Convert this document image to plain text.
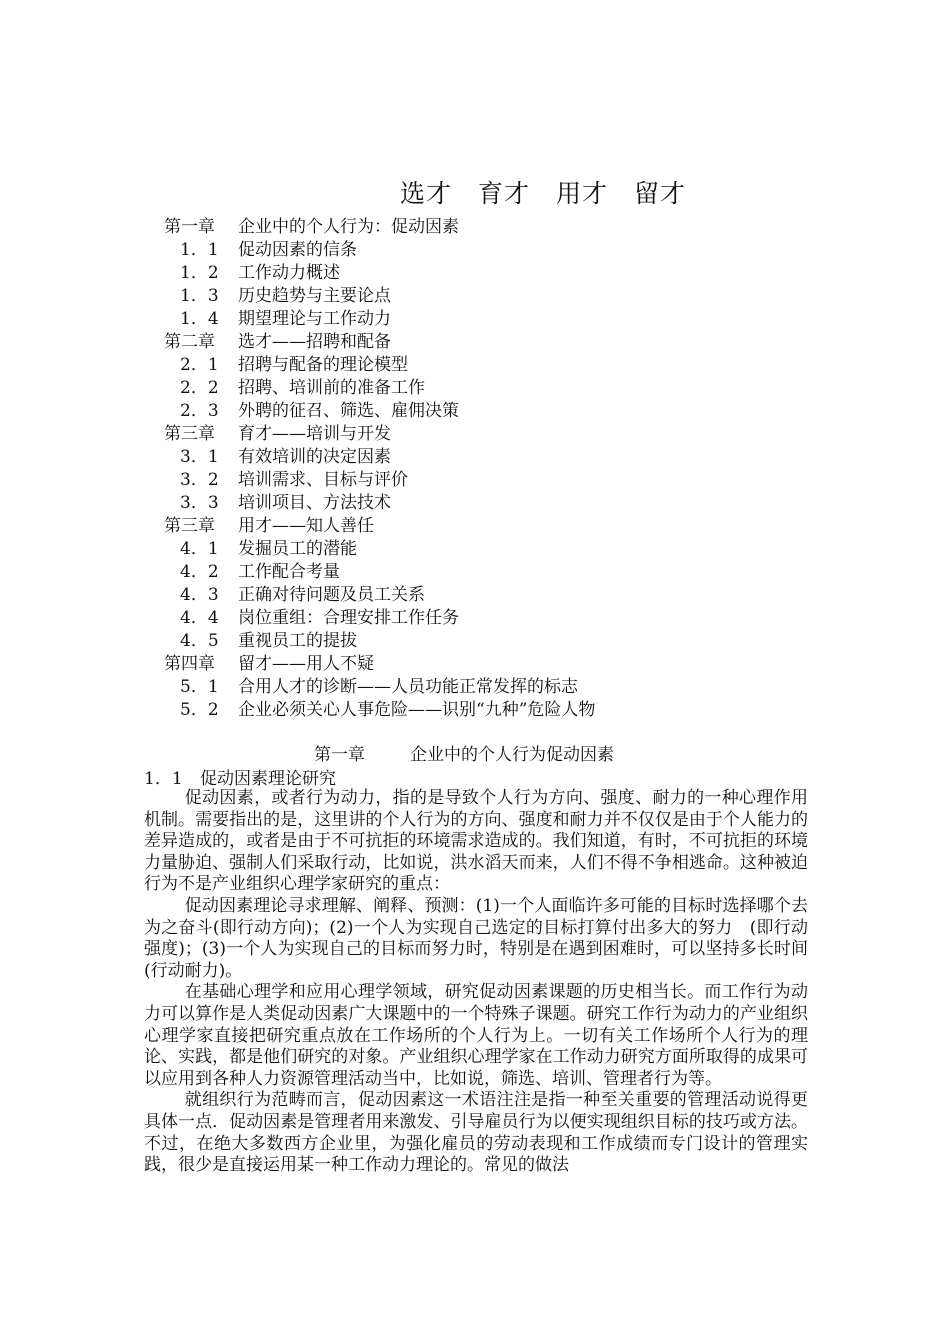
选才　育才　用才　留才
第一章 企业中的个人行为：促动因素
1．1 促动因素的信条
1．2 工作动力概述
1．3 历史趋势与主要论点
1．4 期望理论与工作动力
第二章 选才——招聘和配备
2．1 招聘与配备的理论模型
2．2 招聘、培训前的准备工作
2．3 外聘的征召、筛选、雇佣决策
第三章 育才——培训与开发
3．1 有效培训的决定因素
3．2 培训需求、目标与评价
3．3 培训项目、方法技术
第三章 用才——知人善任
4．1 发掘员工的潜能
4．2 工作配合考量
4．3 正确对待问题及员工关系
4．4 岗位重组：合理安排工作任务
4．5 重视员工的提拔
第四章 留才——用人不疑
5．1 合用人才的诊断——人员功能正常发挥的标志
5．2 企业必须关心人事危险——识别“九种”危险人物
第一章	企业中的个人行为促动因素
1．1 促动因素理论研究

促动因素，或者行为动力，指的是导致个人行为方向、强度、耐力的一种心理作用机制。需要指出的是，这里讲的个人行为的方向、强度和耐力并不仅仅是由于个人能力的差异造成的，或者是由于不可抗拒的环境需求造成的。我们知道，有时，不可抗拒的环境力量胁迫、强制人们采取行动，比如说，洪水滔天而来，人们不得不争相逃命。这种被迫行为不是产业组织心理学家研究的重点：

促动因素理论寻求理解、阐释、预测：(1)一个人面临许多可能的目标时选择哪个去为之奋斗(即行动方向)；(2)一个人为实现自己选定的目标打算付出多大的努力　(即行动强度)；(3)一个人为实现自己的目标而努力时，特别是在遇到困难时，可以坚持多长时间(行动耐力)。

在基础心理学和应用心理学领域，研究促动因素课题的历史相当长。而工作行为动力可以算作是人类促动因素广大课题中的一个特殊子课题。研究工作行为动力的产业组织心理学家直接把研究重点放在工作场所的个人行为上。一切有关工作场所个人行为的理论、实践，都是他们研究的对象。产业组织心理学家在工作动力研究方面所取得的成果可以应用到各种人力资源管理活动当中，比如说，筛选、培训、管理者行为等。

就组织行为范畴而言，促动因素这一术语注注是指一种至关重要的管理活动说得更具体一点．促动因素是管理者用来激发、引导雇员行为以便实现组织目标的技巧或方法。不过，在绝大多数西方企业里，为强化雇员的劳动表现和工作成绩而专门设计的管理实践，很少是直接运用某一种工作动力理论的。常见的做法
